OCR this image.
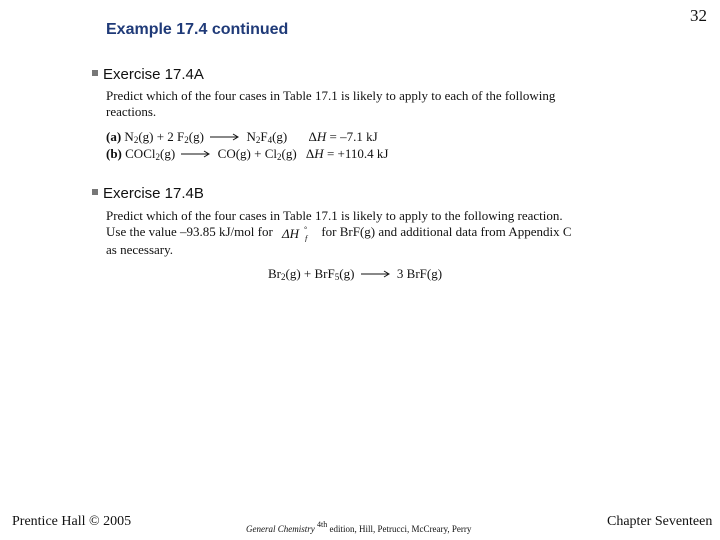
32
Example 17.4 continued
Exercise 17.4A
Predict which of the four cases in Table 17.1 is likely to apply to each of the following
reactions.
(a) $N_2(g) + 2$ $F_2(g) \to N_2F_4(g) \Delta H = -7.1$ kJ
(b) COCl$_2$(g) → $CO(g) + Cl_2(g) \Delta H = +110.4$ kJ
Exercise 17.4B
Predict which of the four cases in Table 17.1 is likely to apply to the following reaction.
Use the value –93.85 kJ/mol for ΔH °
f for BrF(g) and additional data from Appendix C
as necessary.
$Br_2(g) + BrF_5(g) \to 3$ BrF(g)
Prentice Hall © 2005	General Chemistry $^{4th}$ edition, Hill, Petrucci, McCreary, Perry	Chapter Seventeen
